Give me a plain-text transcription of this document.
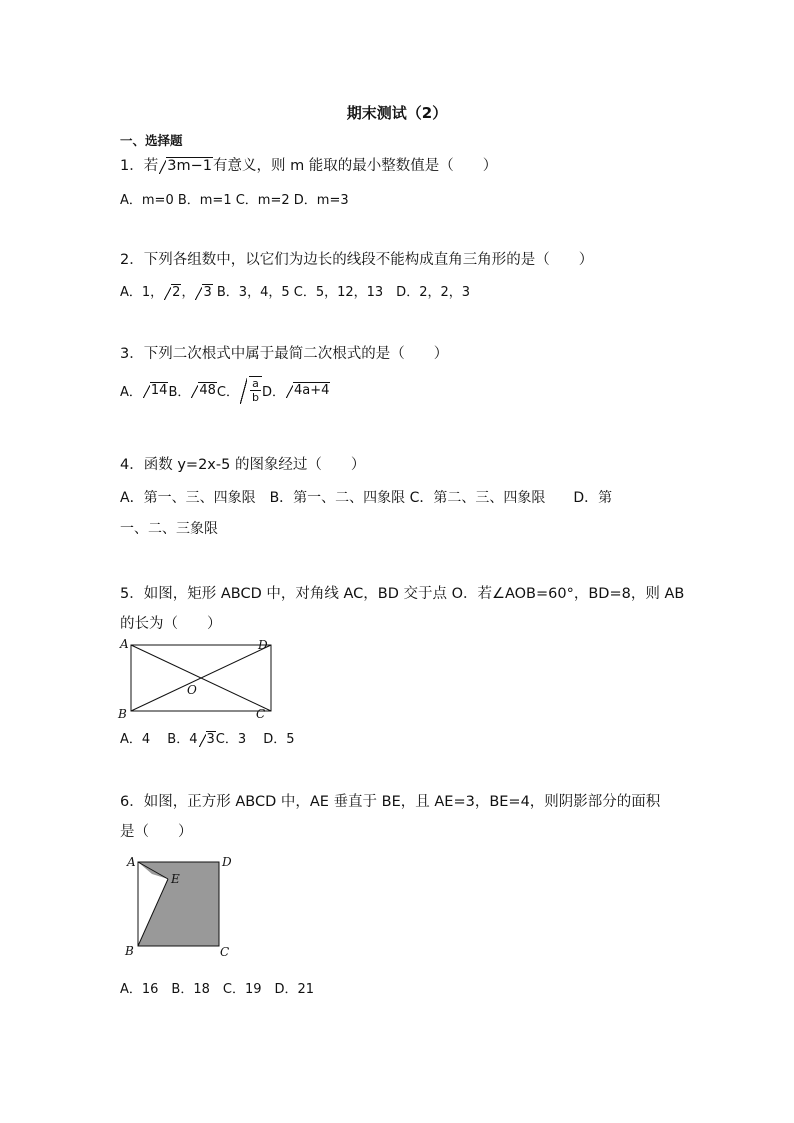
期末测试（2）
一、选择题
1．若 3m−1有意义，则 m 能取的最小整数值是（　　）
A．m=0 B．m=1 C．m=2 D．m=3
2．下列各组数中，以它们为边长的线段不能构成直角三角形的是（　　）
A．1， 2， 3 B．3，4，5 C．5，12，13　D．2，2，3
3．下列二次根式中属于最简二次根式的是（　　）
A． 14 B． 48 C． $\frac{a}{b}$ D． 4a+4
4．函数 y=2x-5 的图象经过（　　）
A．第一、三、四象限　B．第一、二、四象限 C．第二、三、四象限　　D．第
一、二、三象限
5．如图，矩形 ABCD 中，对角线 AC，BD 交于点 O．若∠AOB=60°，BD=8，则 AB
的长为（　　）
A	D
B	C
O
A．4　 B．4 3C．3　 D．5
6．如图，正方形 ABCD 中，AE 垂直于 BE，且 AE=3，BE=4，则阴影部分的面积
是（　　）
A	D
E
B	C
A．16　B．18　C．19　D．21
